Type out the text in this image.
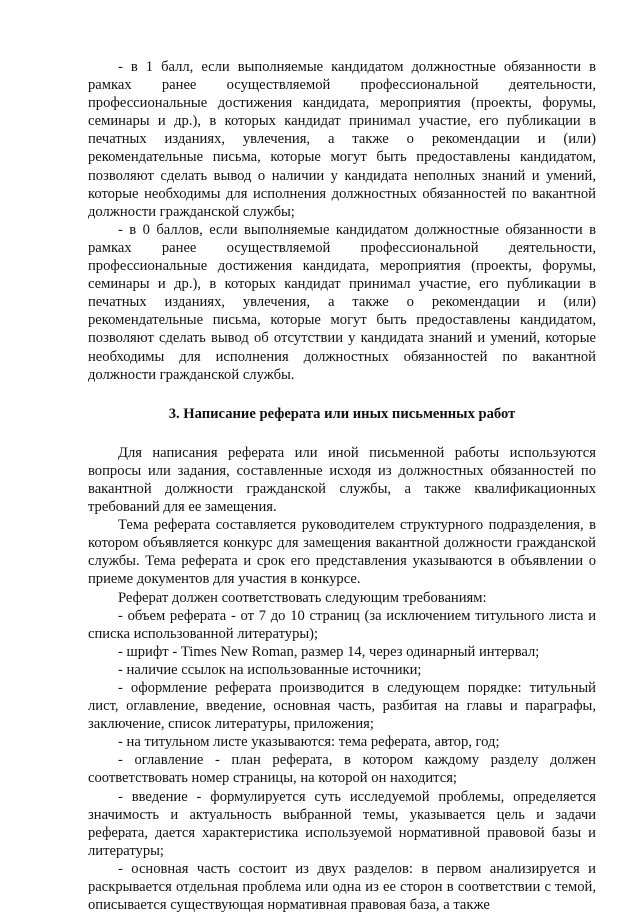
- в 1 балл, если выполняемые кандидатом должностные обязанности в рамках ранее осуществляемой профессиональной деятельности, профессиональные достижения кандидата, мероприятия (проекты, форумы, семинары и др.), в которых кандидат принимал участие, его публикации в печатных изданиях, увлечения, а также о рекомендации и (или) рекомендательные письма, которые могут быть предоставлены кандидатом, позволяют сделать вывод о наличии у кандидата неполных знаний и умений, которые необходимы для исполнения должностных обязанностей по вакантной должности гражданской службы;

- в 0 баллов, если выполняемые кандидатом должностные обязанности в рамках ранее осуществляемой профессиональной деятельности, профессиональные достижения кандидата, мероприятия (проекты, форумы, семинары и др.), в которых кандидат принимал участие, его публикации в печатных изданиях, увлечения, а также о рекомендации и (или) рекомендательные письма, которые могут быть предоставлены кандидатом, позволяют сделать вывод об отсутствии у кандидата знаний и умений, которые необходимы для исполнения должностных обязанностей по вакантной должности гражданской службы.

3. Написание реферата или иных письменных работ

Для написания реферата или иной письменной работы используются вопросы или задания, составленные исходя из должностных обязанностей по вакантной должности гражданской службы, а также квалификационных требований для ее замещения.

Тема реферата составляется руководителем структурного подразделения, в котором объявляется конкурс для замещения вакантной должности гражданской службы. Тема реферата и срок его представления указываются в объявлении о приеме документов для участия в конкурсе.

Реферат должен соответствовать следующим требованиям:

- объем реферата - от 7 до 10 страниц (за исключением титульного листа и списка использованной литературы);

- шрифт - Times New Roman, размер 14, через одинарный интервал;

- наличие ссылок на использованные источники;

- оформление реферата производится в следующем порядке: титульный лист, оглавление, введение, основная часть, разбитая на главы и параграфы, заключение, список литературы, приложения;

- на титульном листе указываются: тема реферата, автор, год;

- оглавление - план реферата, в котором каждому разделу должен соответствовать номер страницы, на которой он находится;

- введение - формулируется суть исследуемой проблемы, определяется значимость и актуальность выбранной темы, указывается цель и задачи реферата, дается характеристика используемой нормативной правовой базы и литературы;

- основная часть состоит из двух разделов: в первом анализируется и раскрывается отдельная проблема или одна из ее сторон в соответствии с темой, описывается существующая нормативная правовая база, а также
